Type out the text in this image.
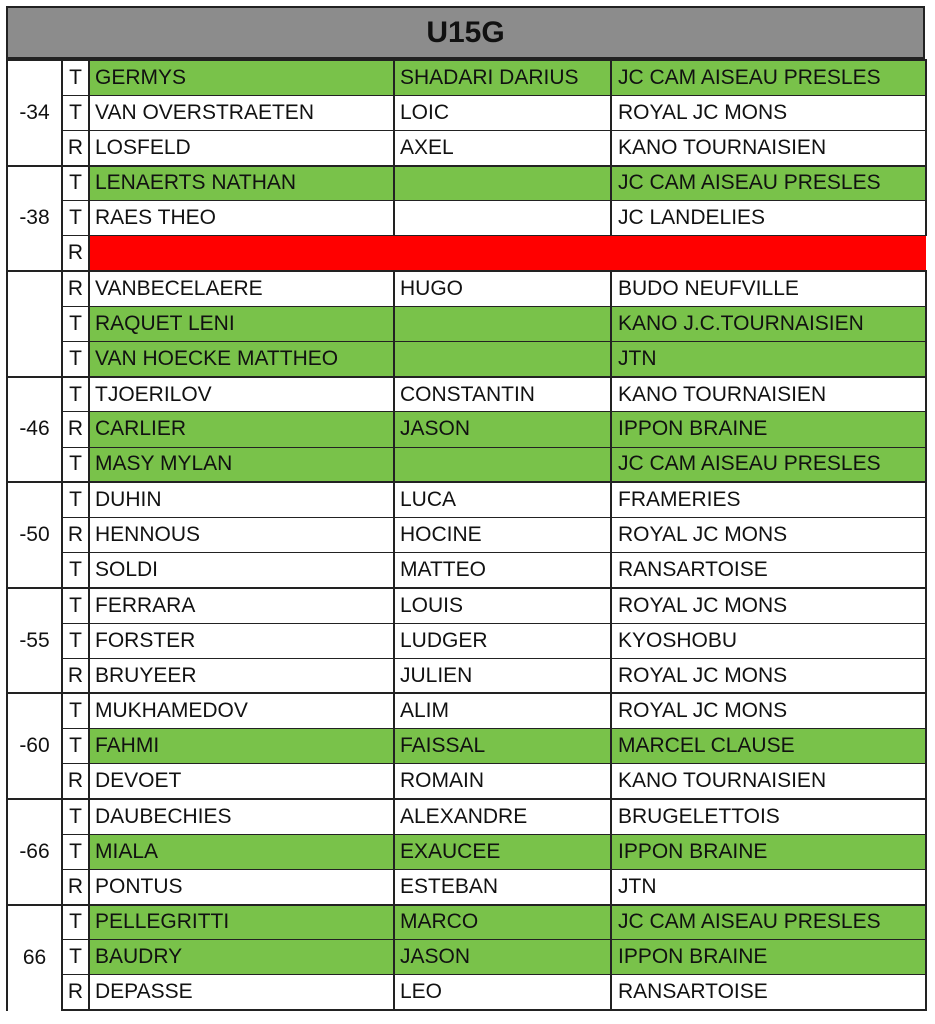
U15G
-34	T	GERMYS	SHADARI DARIUS	JC CAM AISEAU PRESLES
	T	VAN OVERSTRAETEN	LOIC	ROYAL JC MONS
	R	LOSFELD	AXEL	KANO TOURNAISIEN
-38	T	LENAERTS NATHAN		JC CAM AISEAU PRESLES
	T	RAES THEO		JC LANDELIES
	R			
	R	VANBECELAERE	HUGO	BUDO NEUFVILLE
	T	RAQUET LENI		KANO J.C.TOURNAISIEN
	T	VAN HOECKE MATTHEO		JTN
-46	T	TJOERILOV	CONSTANTIN	KANO TOURNAISIEN
	R	CARLIER	JASON	IPPON BRAINE
	T	MASY MYLAN		JC CAM AISEAU PRESLES
-50	T	DUHIN	LUCA	FRAMERIES
	R	HENNOUS	HOCINE	ROYAL JC MONS
	T	SOLDI	MATTEO	RANSARTOISE
-55	T	FERRARA	LOUIS	ROYAL JC MONS
	T	FORSTER	LUDGER	KYOSHOBU
	R	BRUYEER	JULIEN	ROYAL JC MONS
-60	T	MUKHAMEDOV	ALIM	ROYAL JC MONS
	T	FAHMI	FAISSAL	MARCEL CLAUSE
	R	DEVOET	ROMAIN	KANO TOURNAISIEN
-66	T	DAUBECHIES	ALEXANDRE	BRUGELETTOIS
	T	MIALA	EXAUCEE	IPPON BRAINE
	R	PONTUS	ESTEBAN	JTN
66	T	PELLEGRITTI	MARCO	JC CAM AISEAU PRESLES
	T	BAUDRY	JASON	IPPON BRAINE
	R	DEPASSE	LEO	RANSARTOISE
